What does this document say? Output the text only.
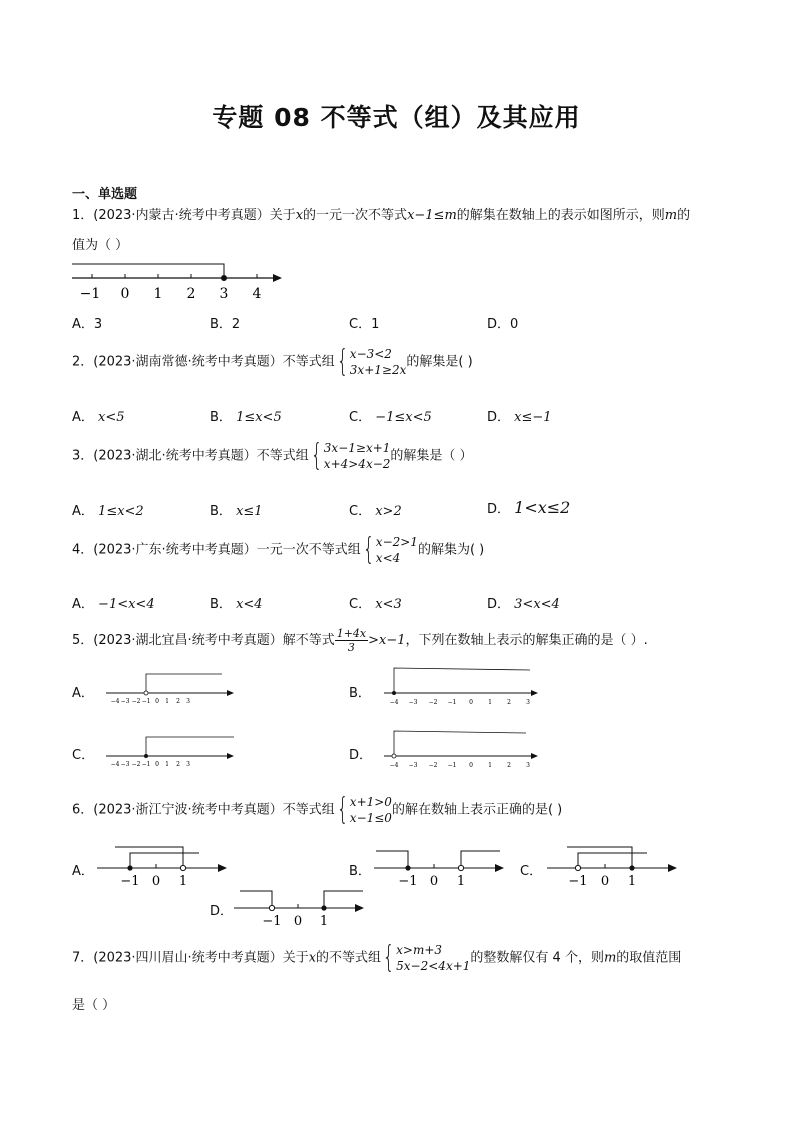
专题 08 不等式（组）及其应用
一、单选题
1．(2023·内蒙古·统考中考真题）关于x的一元一次不等式x−1≤m的解集在数轴上的表示如图所示，则m的
值为（ ）
−1 0 1 2 3 4
A．3	B．2	C．1	D．0
2．(2023·湖南常德·统考中考真题）不等式组{ x−3<2
3x+1≥2x的解集是( )
A． x<5	B． 1≤x<5	C． −1≤x<5	D． x≤−1
3．(2023·湖北·统考中考真题）不等式组{ 3x−1≥x+1
x+4>4x−2的解集是（ ）
A． 1≤x<2	B． x≤1	C． x>2	D． 1<x≤2
4．(2023·广东·统考中考真题）一元一次不等式组{ x−2>1
x<4的解集为( )
A． −1<x<4	B． x<4	C． x<3	D． 3<x<4
5．(2023·湖北宜昌·统考中考真题）解不等式 $\frac{1+4x}{3} >x-1$，下列在数轴上表示的解集正确的是（ ）.
A．	B．
C．	D．
−4 −3 −2 −1 0 1 2 3	−4 −3 −2 −1 0	1	2	3
−4 −3 −2 −1 0 1 2 3	−4 −3 −2 −1 0	1	2	3
6．(2023·浙江宁波·统考中考真题）不等式组{ x+1>0
x−1≤0的解在数轴上表示正确的是( )
A．	B．	C．
D．
−1 0 1	−1 0 1	−1 0 1
−1 0 1
7．(2023·四川眉山·统考中考真题）关于x的不等式组{ x>m+3
5x−2<4x+1的整数解仅有 4 个，则m的取值范围
是（ ）
